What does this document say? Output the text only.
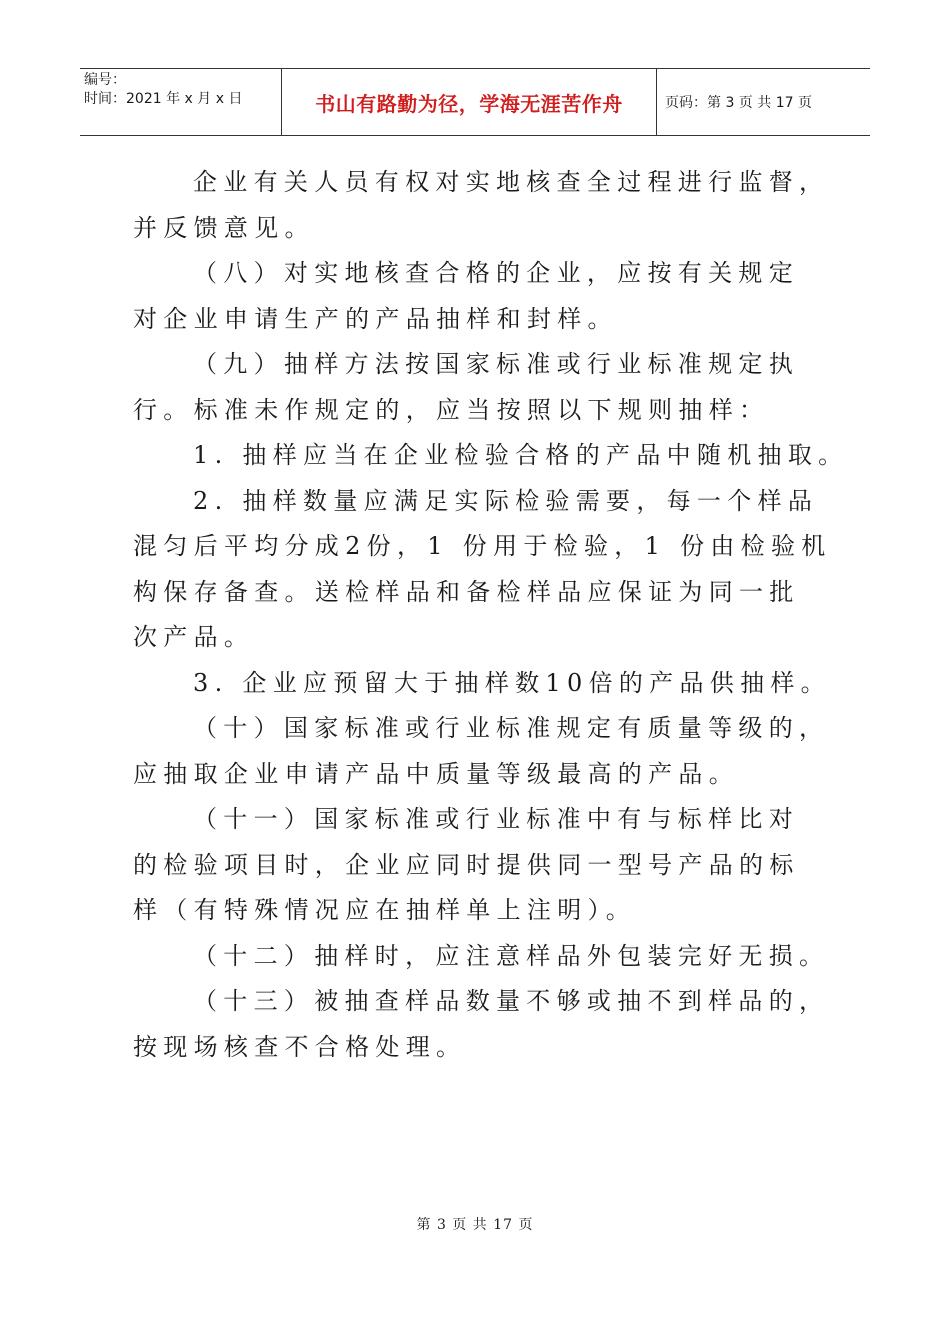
编号：
时间：2021 年 x 月 x 日	书山有路勤为径，学海无涯苦作舟	页码：第 3 页 共 17 页

企业有关人员有权对实地核查全过程进行监督，

并反馈意见。

（八）对实地核查合格的企业，应按有关规定

对企业申请生产的产品抽样和封样。

（九）抽样方法按国家标准或行业标准规定执

行。标准未作规定的，应当按照以下规则抽样：

1. 抽样应当在企业检验合格的产品中随机抽取。

2. 抽样数量应满足实际检验需要，每一个样品

混匀后平均分成2份，1 份用于检验，1 份由检验机

构保存备查。送检样品和备检样品应保证为同一批

次产品。

3. 企业应预留大于抽样数10倍的产品供抽样。

（十）国家标准或行业标准规定有质量等级的，

应抽取企业申请产品中质量等级最高的产品。

（十一）国家标准或行业标准中有与标样比对

的检验项目时，企业应同时提供同一型号产品的标

样（有特殊情况应在抽样单上注明）。

（十二）抽样时，应注意样品外包装完好无损。

（十三）被抽查样品数量不够或抽不到样品的，

按现场核查不合格处理。

第 3 页 共 17 页
